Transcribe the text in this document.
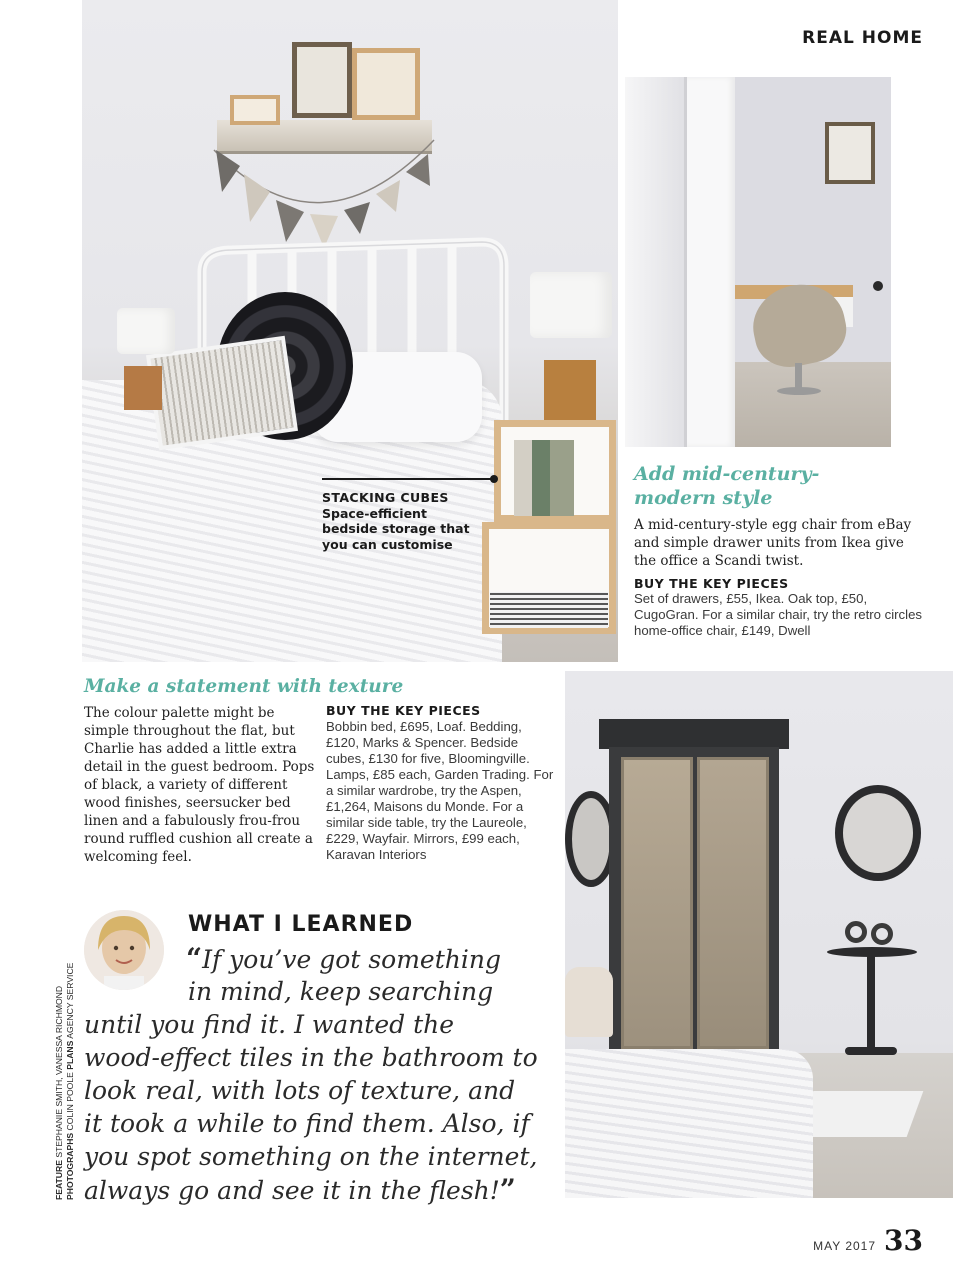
REAL HOME
STACKING CUBES
Space-efficient bedside storage that you can customise
Add mid-century-
modern style

A mid-century-style egg chair from eBay and simple drawer units from Ikea give the office a Scandi twist.

BUY THE KEY PIECES

Set of drawers, £55, Ikea. Oak top, £50, CugoGran. For a similar chair, try the retro circles home-office chair, £149, Dwell

Make a statement with texture

The colour palette might be simple throughout the flat, but Charlie has added a little extra detail in the guest bedroom. Pops of black, a variety of different wood finishes, seersucker bed linen and a fabulously frou-frou round ruffled cushion all create a welcoming feel.

BUY THE KEY PIECES

Bobbin bed, £695, Loaf. Bedding, £120, Marks & Spencer. Bedside cubes, £130 for five, Bloomingville. Lamps, £85 each, Garden Trading. For a similar wardrobe, try the Aspen, £1,264, Maisons du Monde. For a similar side table, try the Laureole, £229, Wayfair. Mirrors, £99 each, Karavan Interiors

WHAT I LEARNED
“If you’ve got something
in mind, keep searching
until you find it. I wanted the
wood-effect tiles in the bathroom to
look real, with lots of texture, and
it took a while to find them. Also, if
you spot something on the internet,
always go and see it in the flesh!”
FEATURE STEPHANIE SMITH, VANESSA RICHMOND
PHOTOGRAPHS COLIN POOLE PLANS AGENCY SERVICE
MAY 2017 33
